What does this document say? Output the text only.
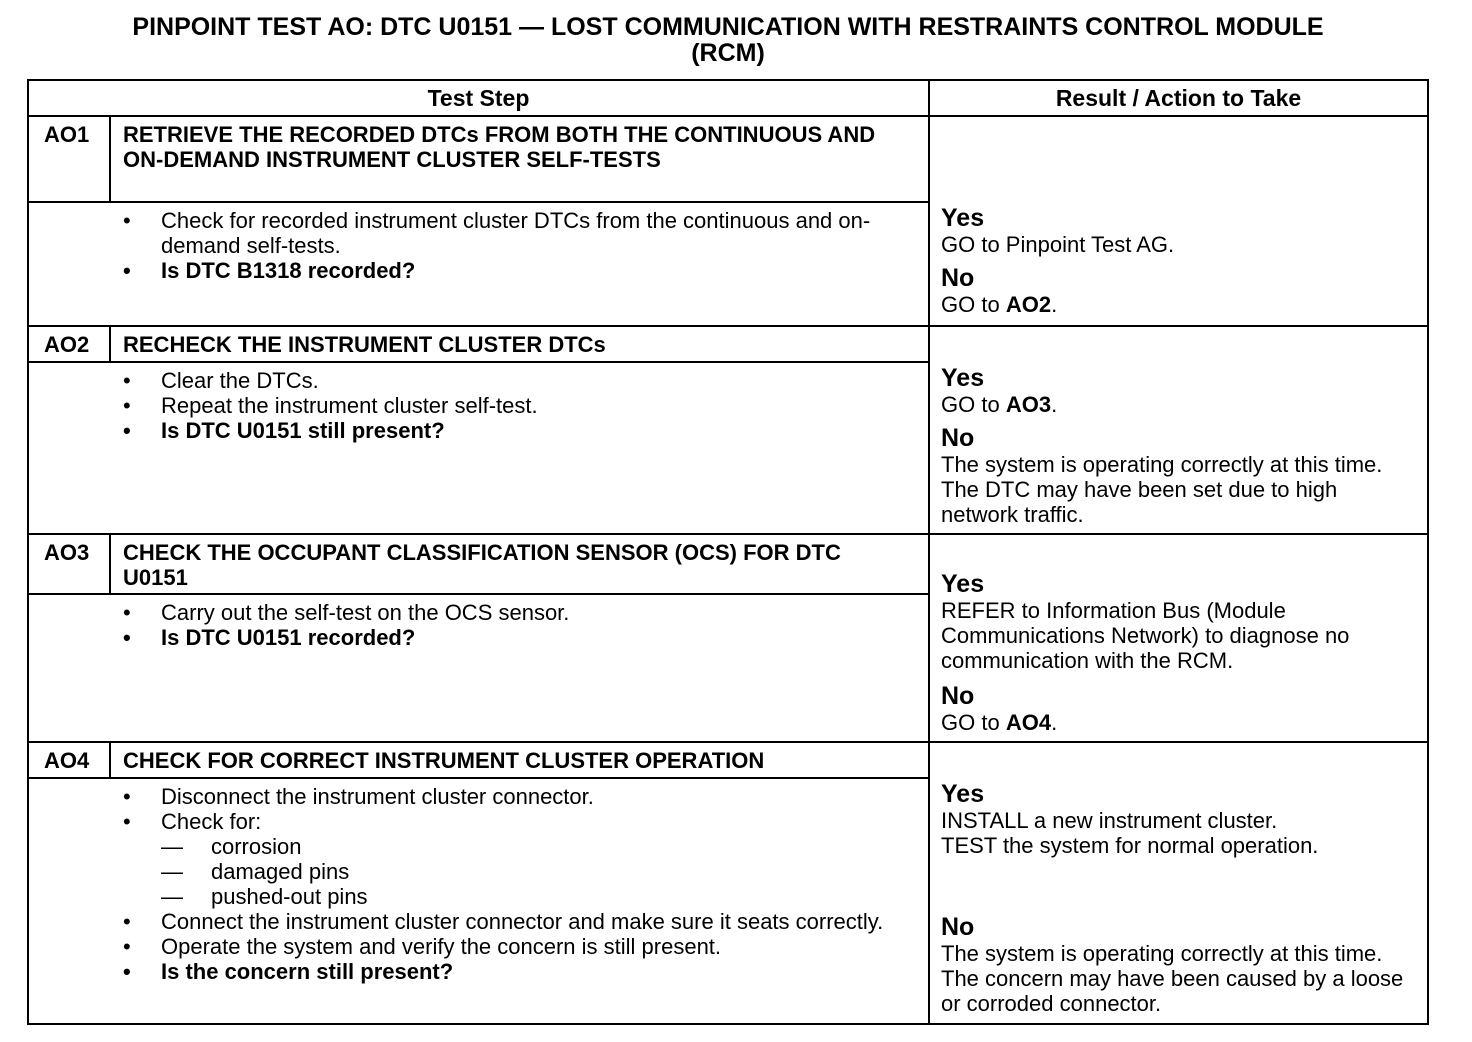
PINPOINT TEST AO: DTC U0151 — LOST COMMUNICATION WITH RESTRAINTS CONTROL MODULE
(RCM)
Test Step	Result / Action to Take
AO1	RETRIEVE THE RECORDED DTCs FROM BOTH THE CONTINUOUS AND ON-DEMAND INSTRUMENT CLUSTER SELF-TESTS
• Check for recorded instrument cluster DTCs from the continuous and on-demand self-tests.
• Is DTC B1318 recorded?
Yes
GO to Pinpoint Test AG.
No
GO to AO2.
AO2	RECHECK THE INSTRUMENT CLUSTER DTCs
• Clear the DTCs.
• Repeat the instrument cluster self-test.
• Is DTC U0151 still present?
Yes
GO to AO3.
No
The system is operating correctly at this time. The DTC may have been set due to high network traffic.
AO3	CHECK THE OCCUPANT CLASSIFICATION SENSOR (OCS) FOR DTC U0151
• Carry out the self-test on the OCS sensor.
• Is DTC U0151 recorded?
Yes
REFER to Information Bus (Module Communications Network) to diagnose no communication with the RCM.
No
GO to AO4.
AO4	CHECK FOR CORRECT INSTRUMENT CLUSTER OPERATION
• Disconnect the instrument cluster connector.
• Check for:
— corrosion
— damaged pins
— pushed-out pins
• Connect the instrument cluster connector and make sure it seats correctly.
• Operate the system and verify the concern is still present.
• Is the concern still present?
Yes
INSTALL a new instrument cluster.
TEST the system for normal operation.
No
The system is operating correctly at this time. The concern may have been caused by a loose or corroded connector.
